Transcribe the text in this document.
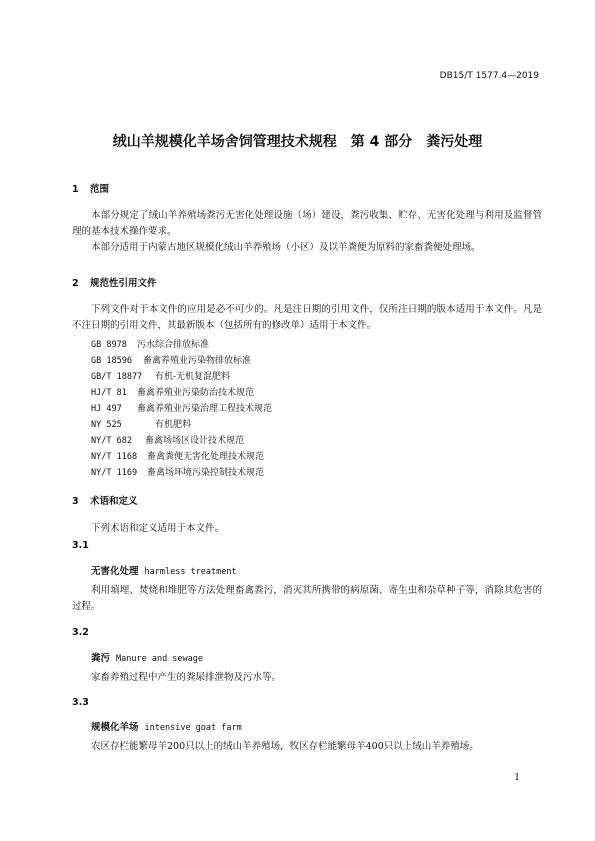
DB15/T 1577.4—2019
绒山羊规模化羊场舍饲管理技术规程　第 4 部分　粪污处理
1 范围
本部分规定了绒山羊养殖场粪污无害化处理设施（场）建设，粪污收集、贮存、无害化处理与利用及监督管理的基本技术操作要求。
本部分适用于内蒙古地区规模化绒山羊养殖场（小区）及以羊粪便为原料的家畜粪便处理场。
2 规范性引用文件
下列文件对于本文件的应用是必不可少的。凡是注日期的引用文件，仅所注日期的版本适用于本文件。凡是不注日期的引用文件，其最新版本（包括所有的修改单）适用于本文件。
GB 8978 污水综合排放标准
GB 18596 畜禽养殖业污染物排放标准
GB/T 18877 有机-无机复混肥料
HJ/T 81 畜禽养殖业污染防治技术规范
HJ 497 畜禽养殖业污染治理工程技术规范
NY 525	有机肥料
NY/T 682 畜禽场场区设计技术规范
NY/T 1168 畜禽粪便无害化处理技术规范
NY/T 1169 畜禽场环境污染控制技术规范
3 术语和定义
下列术语和定义适用于本文件。
3.1
无害化处理 harmless treatment
利用填埋、焚烧和堆肥等方法处理畜禽粪污，消灭其所携带的病原菌、寄生虫和杂草种子等，消除其危害的过程。
3.2
粪污 Manure and sewage
家畜养殖过程中产生的粪尿排泄物及污水等。
3.3
规模化羊场 intensive goat farm
农区存栏能繁母羊200只以上的绒山羊养殖场，牧区存栏能繁母羊400只以上绒山羊养殖场。
1
